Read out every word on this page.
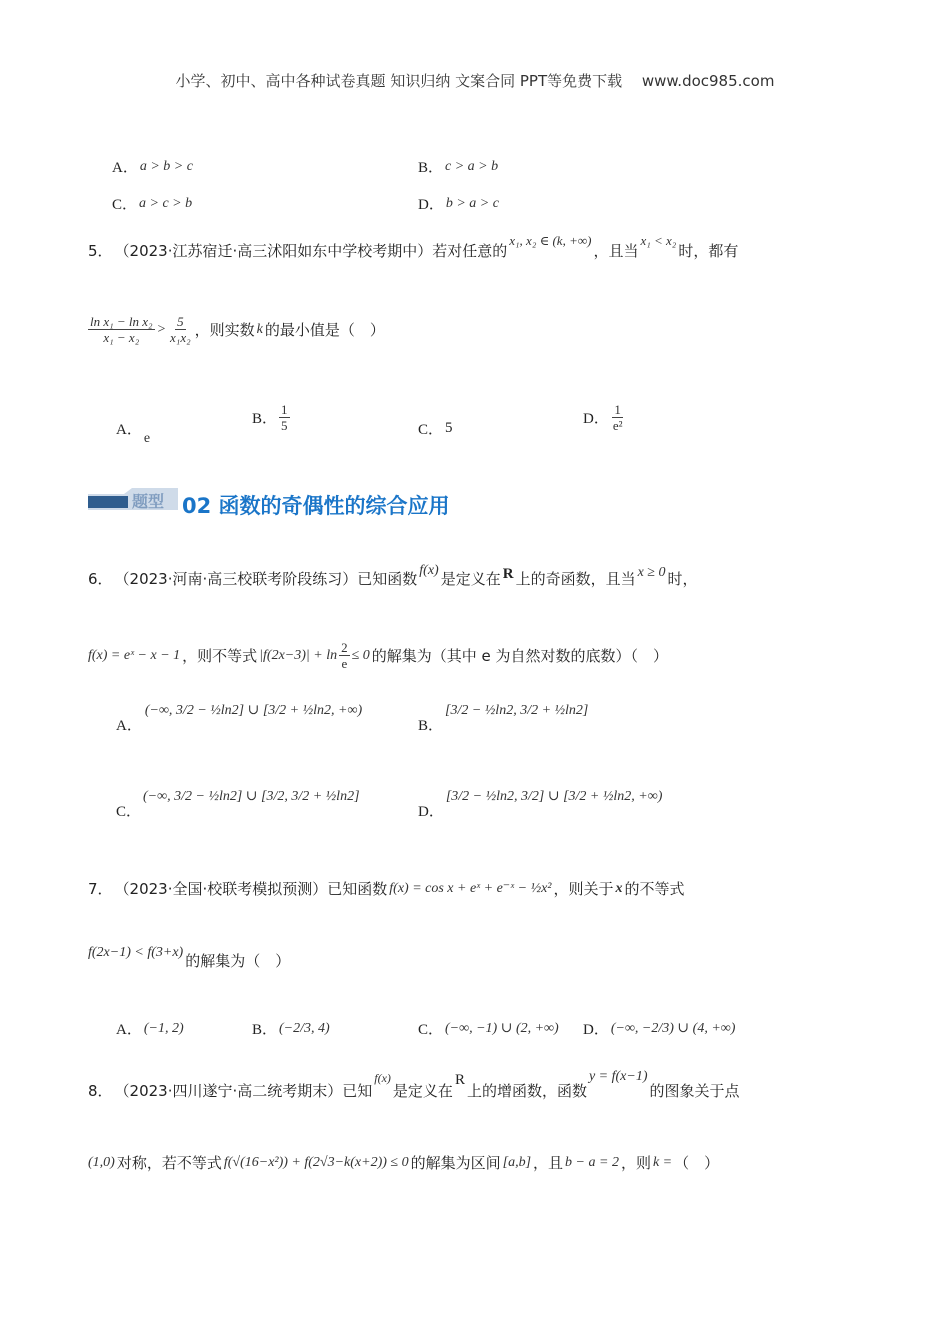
小学、初中、高中各种试卷真题 知识归纳 文案合同 PPT等免费下载　 www.doc985.com
A． a > b > c	B． c > a > b
C． a > c > b	D． b > a > c
5． （2023·江苏宿迁·高三沭阳如东中学校考期中）若对任意的
x₁, x₂ ∈ (k, +∞)
，且当
x₁ < x₂
时，都有
$\frac{\text{ln x₁ − ln x₂}}{\text{x₁ − x₂}} > \frac{5}{\text{x₁x₂}}$ ，则实数 k 的最小值是（　）
A． e
B． $\frac{1}{5}$	C． 5
D． $\frac{1}{\text{e²}}$
题型 02 函数的奇偶性的综合应用
6． （2023·河南·高三校联考阶段练习）已知函数 f(x) 是定义在 R 上的奇函数，且当 x ≥ 0 时，
f(x) = eˣ − x − 1 ，则不等式 $|f(2x-3)| + \ln \frac{2}{e} \le 0$ 的解集为（其中 e 为自然对数的底数）（　）
A．
(−∞, 3/2 − ½ln2] ∪ [3/2 + ½ln2, +∞)
B．
[3/2 − ½ln2, 3/2 + ½ln2]
C．
(−∞, 3/2 − ½ln2] ∪ [3/2, 3/2 + ½ln2]
D．
[3/2 − ½ln2, 3/2] ∪ [3/2 + ½ln2, +∞)
7． （2023·全国·校联考模拟预测）已知函数 f(x) = cos x + eˣ + e⁻ˣ − ½x² ，则关于 x 的不等式
f(2x−1) < f(3+x) 的解集为（　）
A． (−1, 2)	B． (−2/3, 4)	C． (−∞, −1) ∪ (2, +∞) D． (−∞, −2/3) ∪ (4, +∞)
8． （2023·四川遂宁·高二统考期末）已知
f(x)
是定义在
R
上的增函数，函数
y = f(x−1)
的图象关于点
(1,0) 对称，若不等式 f(√(16−x²)) + f(2√3−k(x+2)) ≤ 0 的解集为区间 [a,b] ，且 b − a = 2 ，则 k = （　）
